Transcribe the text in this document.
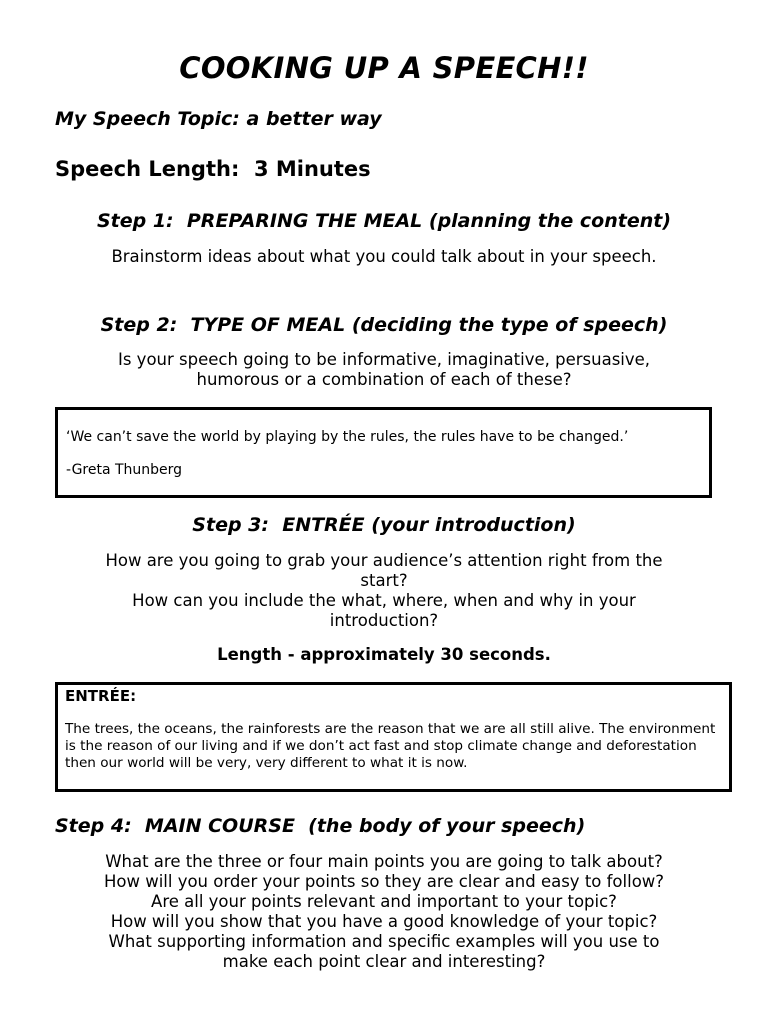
COOKING UP A SPEECH!!
My Speech Topic: a better way
Speech Length:  3 Minutes
Step 1:  PREPARING THE MEAL (planning the content)
Brainstorm ideas about what you could talk about in your speech.
Step 2:  TYPE OF MEAL (deciding the type of speech)
Is your speech going to be informative, imaginative, persuasive,
humorous or a combination of each of these?
‘We can’t save the world by playing by the rules, the rules have to be changed.’
-Greta Thunberg
Step 3:  ENTRÉE (your introduction)
How are you going to grab your audience’s attention right from the
start?
How can you include the what, where, when and why in your
introduction?
Length - approximately 30 seconds.
ENTRÉE:
The trees, the oceans, the rainforests are the reason that we are all still alive. The environment is the reason of our living and if we don’t act fast and stop climate change and deforestation then our world will be very, very different to what it is now.
Step 4:  MAIN COURSE  (the body of your speech)
What are the three or four main points you are going to talk about?
How will you order your points so they are clear and easy to follow?
Are all your points relevant and important to your topic?
How will you show that you have a good knowledge of your topic?
What supporting information and specific examples will you use to
make each point clear and interesting?
